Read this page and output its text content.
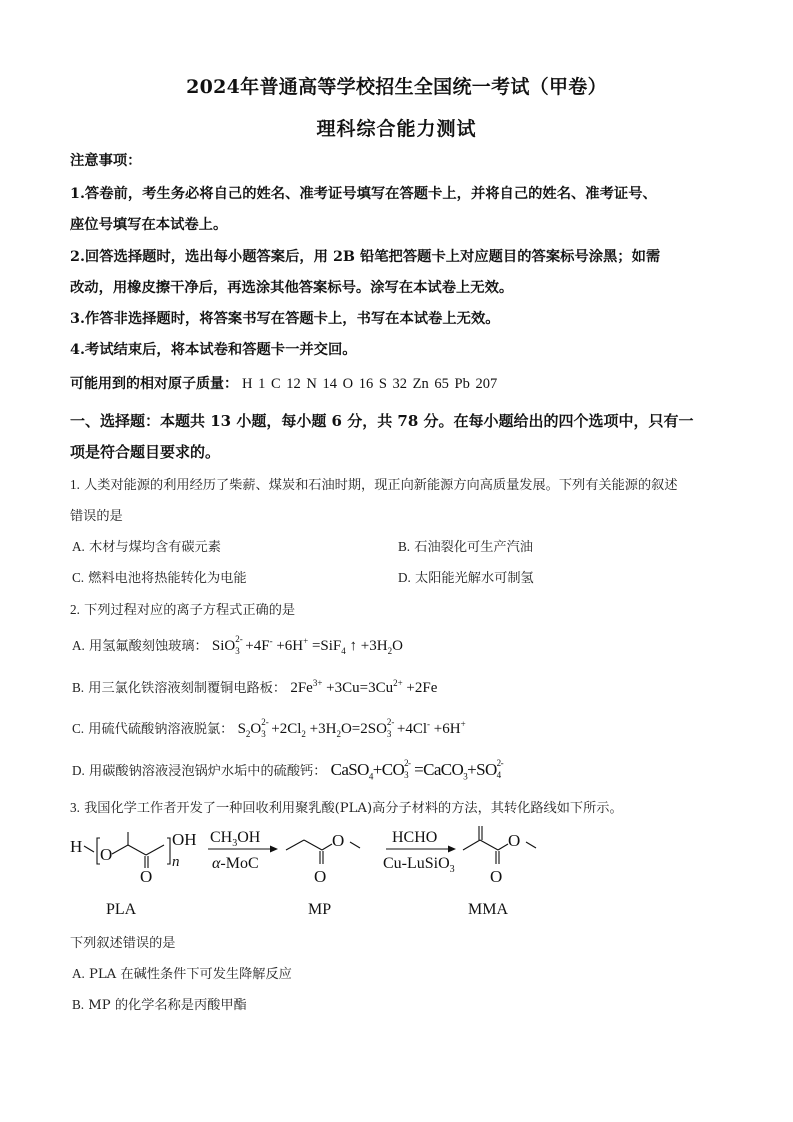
2024年普通高等学校招生全国统一考试（甲卷）
理科综合能力测试
注意事项：
1.答卷前，考生务必将自己的姓名、准考证号填写在答题卡上，并将自己的姓名、准考证号、
座位号填写在本试卷上。
2.回答选择题时，选出每小题答案后，用 2B 铅笔把答题卡上对应题目的答案标号涂黑；如需
改动，用橡皮擦干净后，再选涂其他答案标号。涂写在本试卷上无效。
3.作答非选择题时，将答案书写在答题卡上，书写在本试卷上无效。
4.考试结束后，将本试卷和答题卡一并交回。
可能用到的相对原子质量： H 1 C 12 N 14 O 16 S 32 Zn 65 Pb 207
一、选择题：本题共 13 小题，每小题 6 分，共 78 分。在每小题给出的四个选项中，只有一
项是符合题目要求的。
1. 人类对能源的利用经历了柴薪、煤炭和石油时期，现正向新能源方向高质量发展。下列有关能源的叙述
错误的是
A. 木材与煤均含有碳元素	B. 石油裂化可生产汽油
C. 燃料电池将热能转化为电能	D. 太阳能光解水可制氢
2. 下列过程对应的离子方程式正确的是
A. 用氢氟酸刻蚀玻璃： SiO 2-
3 +4F- +6H+ =SiF$_4$ ↑ $+3H_2O$
B. 用三氯化铁溶液刻制覆铜电路板： $2Fe^{3+} +3Cu=3Cu^{2+} +2Fe$
C. 用硫代硫酸钠溶液脱氯： $S_2O$ 2-
$3 +2Cl_2 +3H_2O=2SO$ 2-
3 +4Cl- +6H+
D. 用碳酸钠溶液浸泡锅炉水垢中的硫酸钙： CaSO$_4$+CO 2-
3 =CaCO$_3$+SO 2-
4
3. 我国化学工作者开发了一种回收利用聚乳酸(PLA)高分子材料的方法，其转化路线如下所示。
H O
O
OH
n
O
O
O
O
$CH_3OH$
α-MoC
HCHO
Cu-LuSiO$_3$
PLA	MP	MMA
下列叙述错误的是
A. PLA 在碱性条件下可发生降解反应
B. MP 的化学名称是丙酸甲酯
